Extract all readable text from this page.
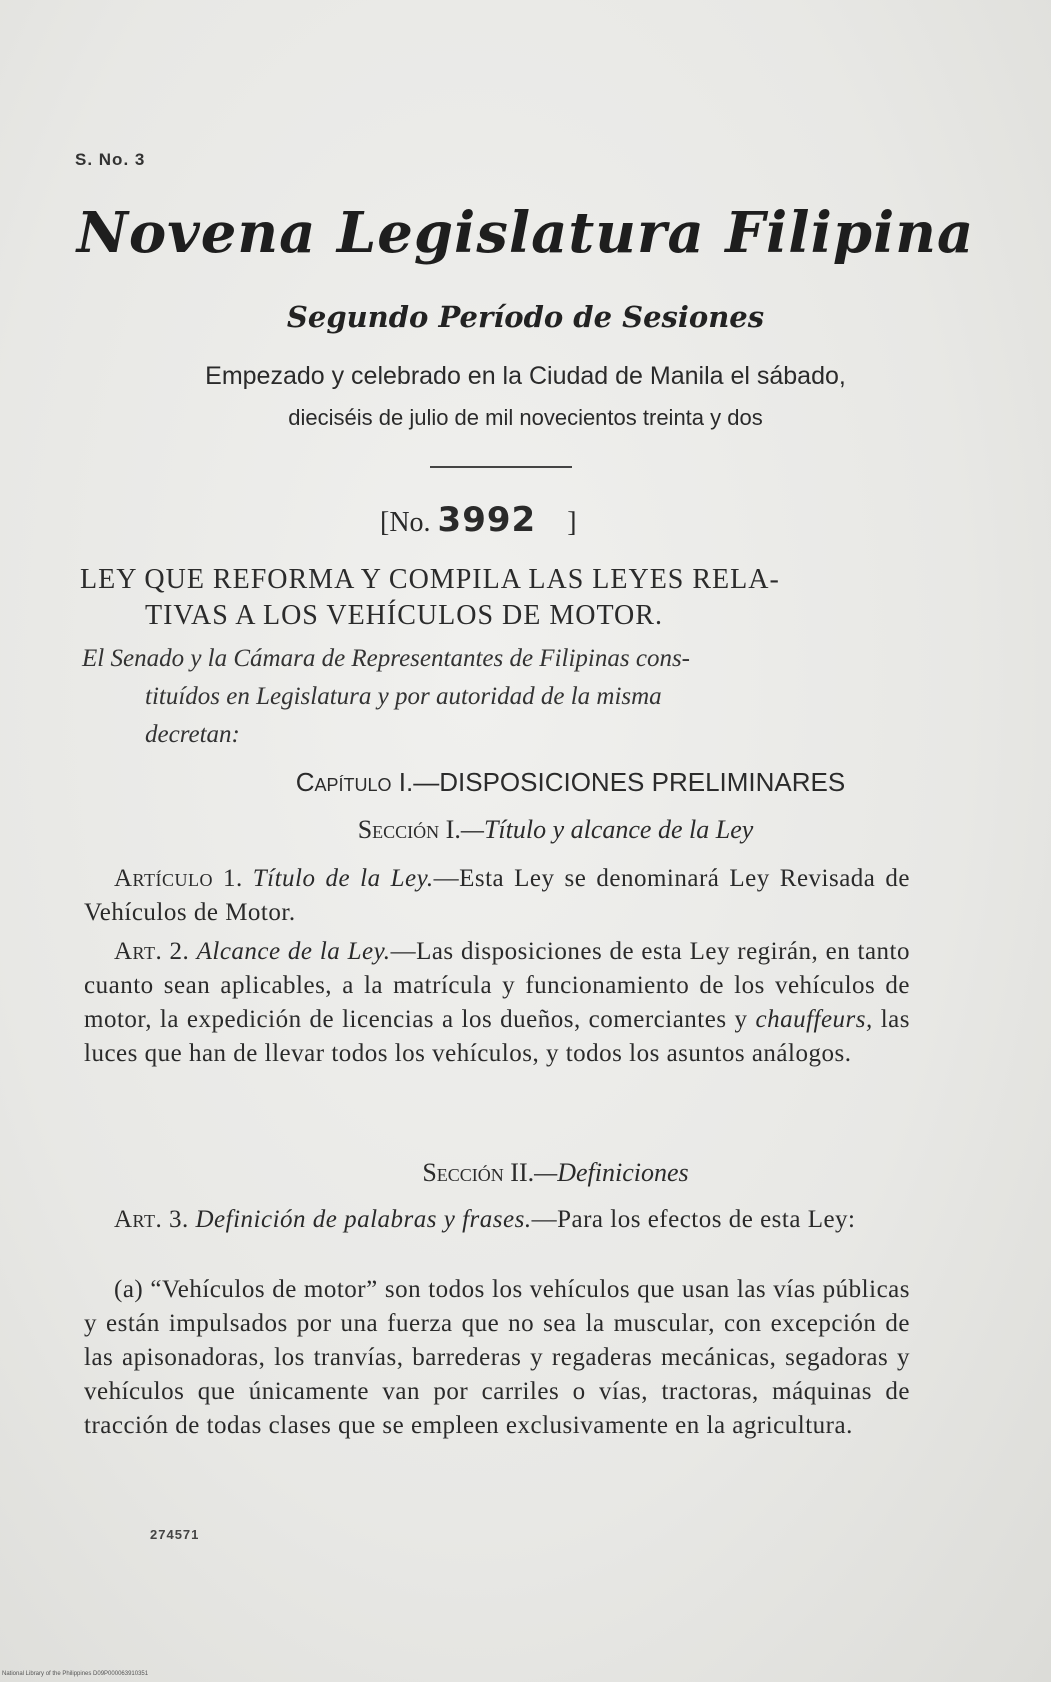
S. No. 3
Novena Legislatura Filipina
Segundo Período de Sesiones
Empezado y celebrado en la Ciudad de Manila el sábado,
dieciséis de julio de mil novecientos treinta y dos
[No. 3992 ]
LEY QUE REFORMA Y COMPILA LAS LEYES RELA-
TIVAS A LOS VEHÍCULOS DE MOTOR.
El Senado y la Cámara de Representantes de Filipinas cons-
tituídos en Legislatura y por autoridad de la misma
decretan:
Capítulo I.—DISPOSICIONES PRELIMINARES
Sección I.—Título y alcance de la Ley
Artículo 1. Título de la Ley.—Esta Ley se denominará Ley Revisada de Vehículos de Motor.
Art. 2. Alcance de la Ley.—Las disposiciones de esta Ley regirán, en tanto cuanto sean aplicables, a la matrícula y funcionamiento de los vehículos de motor, la expedición de licencias a los dueños, comerciantes y chauffeurs, las luces que han de llevar todos los vehículos, y todos los asuntos análogos.
Sección II.—Definiciones
Art. 3. Definición de palabras y frases.—Para los efectos de esta Ley:
(a) “Vehículos de motor” son todos los vehículos que usan las vías públicas y están impulsados por una fuerza que no sea la muscular, con excepción de las apisonadoras, los tranvías, barrederas y regaderas mecánicas, segadoras y vehículos que únicamente van por carriles o vías, tractoras, máquinas de tracción de todas clases que se empleen exclusivamente en la agricultura.
274571
National Library of the Philippines D09P000063910351
